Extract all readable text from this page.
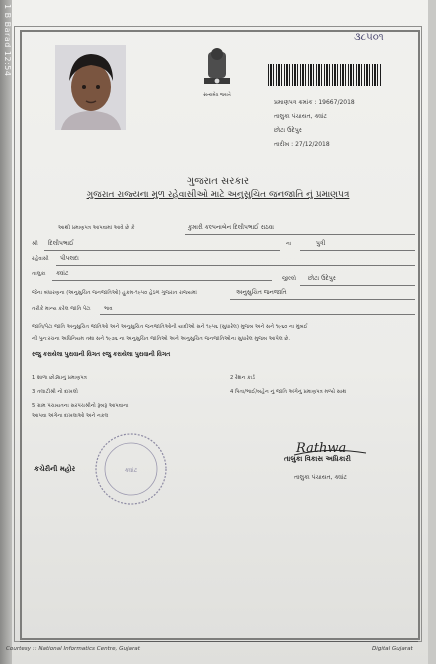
1 B Barad 12:54	૩૮૫૦૧
સત્યમેવ જયતે
પ્રમાણપત્ર ક્રમાંક : 19667/2018
તાલુકા પંચાયત, ક્વાંટ
છોટા ઉદેપુર
તારીખ : 27/12/2018
ગુજરાત સરકાર
ગુજરાત રાજ્યના મુળ રહેવાસીઓ માટે અનુસુચિત જનજાતિ નું પ્રમાણપત્ર
આથી પ્રમાણપત્ર આપવામાં આવે છે કે	કુમારી કલ્પનાબેન દિલીપભાઈ રાઠવા
શ્રી દિલીપભાઈ	ના	પુત્રી
રહેવાસી પીપલદા
તાલુકા ક્વાંટ
જીલ્લો છોટા ઉદેપુર
જેના બંધારણના (અનુસુચિત જનજાતિઓ) હુકમ-૧૯૫૦ હેઠળ ગુજરાત રાજ્યમાં	અનુસુચિત જનજાતિ
તરીકે માન્ય કરેલ જાતિ પેટા	ભાવ
જાતિ/પેટા જાતિ અનુસુચિત જાતિઓ અને અનુસુચિત જનજાતિઓની યાદીઓ સને ૧૯૫૬ (સુધારેલ) મુજબ અને સને ૧૯૬૦ ના મુંબઈ
ની પુનઃરચના અધિનિયમ તથા સને ૧૯૭૬ ના અનુસુચિત જાતિઓ અને અનુસુચિત જનજાતિઓના સુધારેલ મુજબ આપેલ છે.
રજુ કરાયેલા પુરાવાની વિગત રજુ કરાયેલા પુરાવાની વિગત
1 શાળા છોડ્યાનું પ્રમાણપત્ર	2 રેશન કાર્ડ
3 તલાટીશ્રી નો દાખલો	4 પિતા/ભાઈ/બહેન નું જાતિ અંગેનું પ્રમાણપત્ર મળ્યે સાથ
5 ગ્રામ પંચાયતના સરપંચશ્રીનો રૂબરૂ આપવાના
આપવા અંગેના દાખલાઓ અને નકલ
ક્વાંટ
કચેરીની મહોર
Rathwa
તાલુકા વિકાસ અધિકારી
તાલુકા પંચાયત, ક્વાંટ
Courtesy :: National Informatics Centre, Gujarat	Digital Gujarat
